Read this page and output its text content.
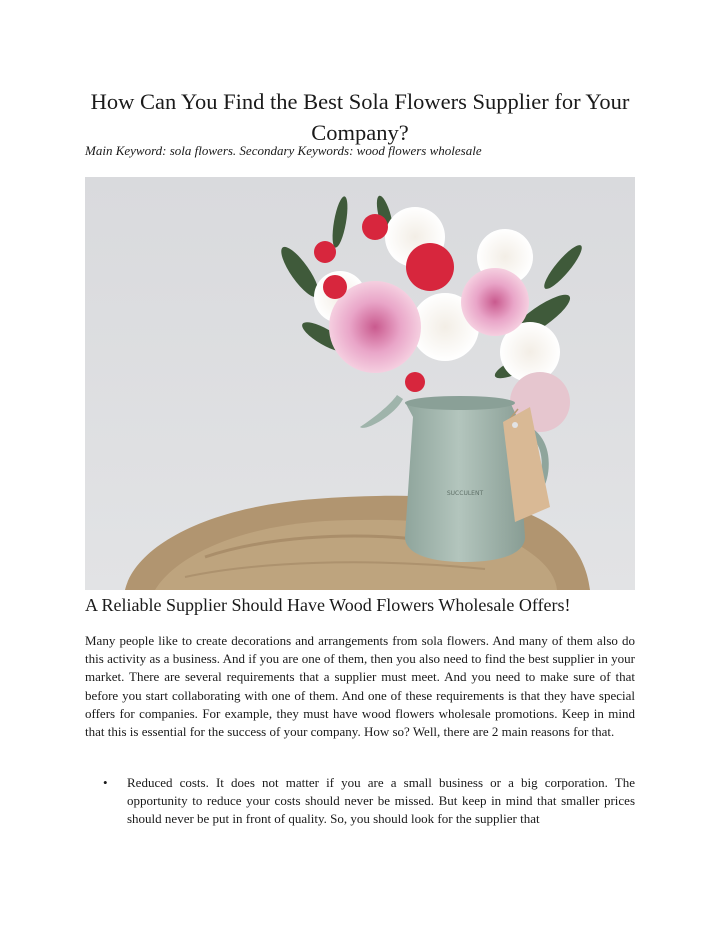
How Can You Find the Best Sola Flowers Supplier for Your Company?

Main Keyword: sola flowers. Secondary Keywords: wood flowers wholesale

SUCCULENT
A Reliable Supplier Should Have Wood Flowers Wholesale Offers!

Many people like to create decorations and arrangements from sola flowers. And many of them also do this activity as a business. And if you are one of them, then you also need to find the best supplier in your market. There are several requirements that a supplier must meet. And you need to make sure of that before you start collaborating with one of them. And one of these requirements is that they have special offers for companies. For example, they must have wood flowers wholesale promotions. Keep in mind that this is essential for the success of your company. How so? Well, there are 2 main reasons for that.

• Reduced costs. It does not matter if you are a small business or a big corporation. The opportunity to reduce your costs should never be missed. But keep in mind that smaller prices should never be put in front of quality. So, you should look for the supplier that
